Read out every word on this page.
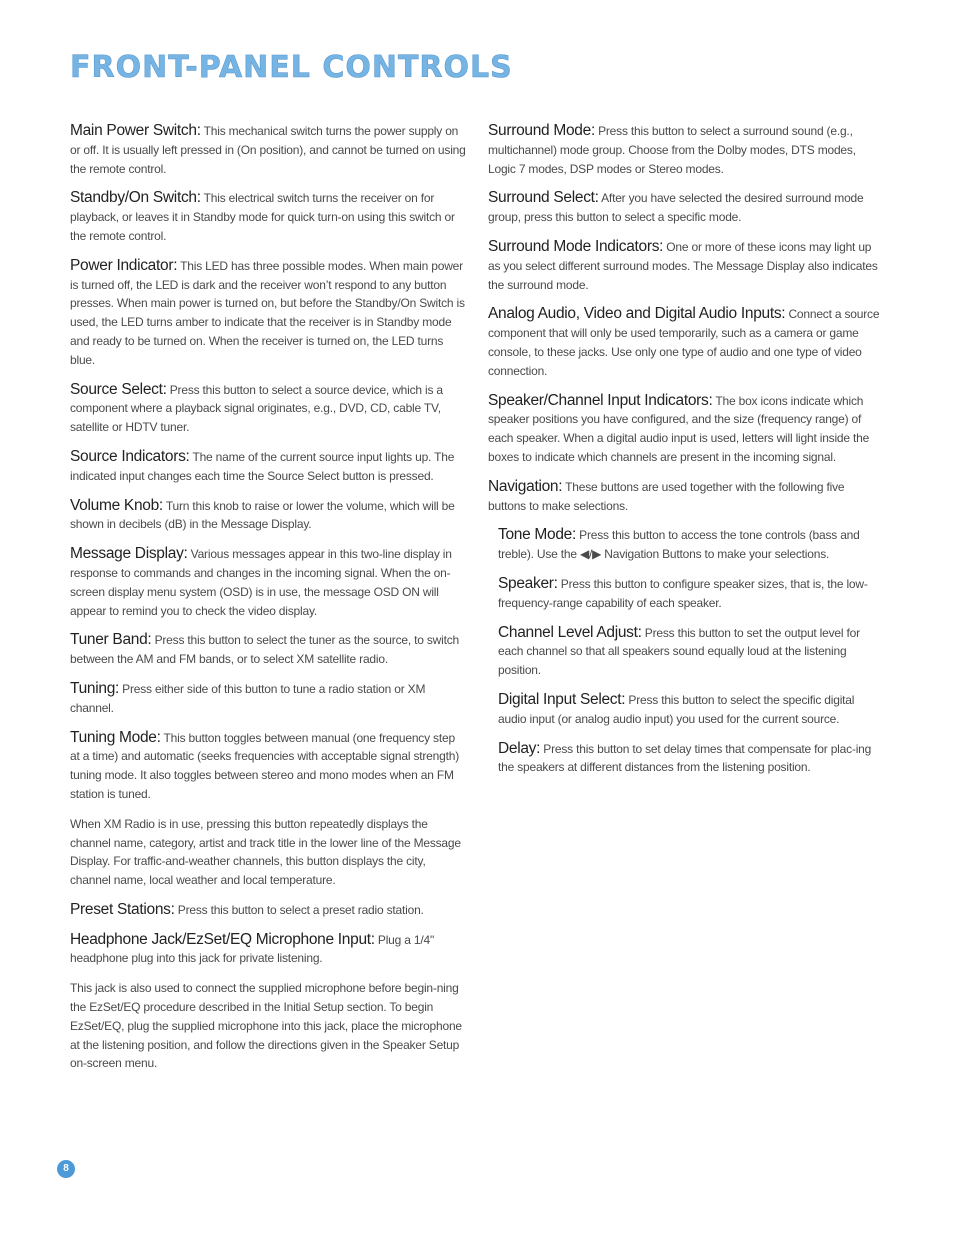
FRONT-PANEL CONTROLS

Main Power Switch: This mechanical switch turns the power supply on or off. It is usually left pressed in (On position), and cannot be turned on using the remote control.

Standby/On Switch: This electrical switch turns the receiver on for playback, or leaves it in Standby mode for quick turn-on using this switch or the remote control.

Power Indicator: This LED has three possible modes. When main power is turned off, the LED is dark and the receiver won’t respond to any button presses. When main power is turned on, but before the Standby/On Switch is used, the LED turns amber to indicate that the receiver is in Standby mode and ready to be turned on. When the receiver is turned on, the LED turns blue.

Source Select: Press this button to select a source device, which is a component where a playback signal originates, e.g., DVD, CD, cable TV, satellite or HDTV tuner.

Source Indicators: The name of the current source input lights up. The indicated input changes each time the Source Select button is pressed.

Volume Knob: Turn this knob to raise or lower the volume, which will be shown in decibels (dB) in the Message Display.

Message Display: Various messages appear in this two-line display in response to commands and changes in the incoming signal. When the on-screen display menu system (OSD) is in use, the message OSD ON will appear to remind you to check the video display.

Tuner Band: Press this button to select the tuner as the source, to switch between the AM and FM bands, or to select XM satellite radio.

Tuning: Press either side of this button to tune a radio station or XM channel.

Tuning Mode: This button toggles between manual (one frequency step at a time) and automatic (seeks frequencies with acceptable signal strength) tuning mode. It also toggles between stereo and mono modes when an FM station is tuned.

When XM Radio is in use, pressing this button repeatedly displays the channel name, category, artist and track title in the lower line of the Message Display. For traffic-and-weather channels, this button displays the city, channel name, local weather and local temperature.

Preset Stations: Press this button to select a preset radio station.

Headphone Jack/EzSet/EQ Microphone Input: Plug a 1/4" headphone plug into this jack for private listening.

This jack is also used to connect the supplied microphone before begin-ning the EzSet/EQ procedure described in the Initial Setup section. To begin EzSet/EQ, plug the supplied microphone into this jack, place the microphone at the listening position, and follow the directions given in the Speaker Setup on-screen menu.

Surround Mode: Press this button to select a surround sound (e.g., multichannel) mode group. Choose from the Dolby modes, DTS modes, Logic 7 modes, DSP modes or Stereo modes.

Surround Select: After you have selected the desired surround mode group, press this button to select a specific mode.

Surround Mode Indicators: One or more of these icons may light up as you select different surround modes. The Message Display also indicates the surround mode.

Analog Audio, Video and Digital Audio Inputs: Connect a source component that will only be used temporarily, such as a camera or game console, to these jacks. Use only one type of audio and one type of video connection.

Speaker/Channel Input Indicators: The box icons indicate which speaker positions you have configured, and the size (frequency range) of each speaker. When a digital audio input is used, letters will light inside the boxes to indicate which channels are present in the incoming signal.

Navigation: These buttons are used together with the following five buttons to make selections.

Tone Mode: Press this button to access the tone controls (bass and treble). Use the ◀/▶ Navigation Buttons to make your selections.

Speaker: Press this button to configure speaker sizes, that is, the low-frequency-range capability of each speaker.

Channel Level Adjust: Press this button to set the output level for each channel so that all speakers sound equally loud at the listening position.

Digital Input Select: Press this button to select the specific digital audio input (or analog audio input) you used for the current source.

Delay: Press this button to set delay times that compensate for plac-ing the speakers at different distances from the listening position.

8
